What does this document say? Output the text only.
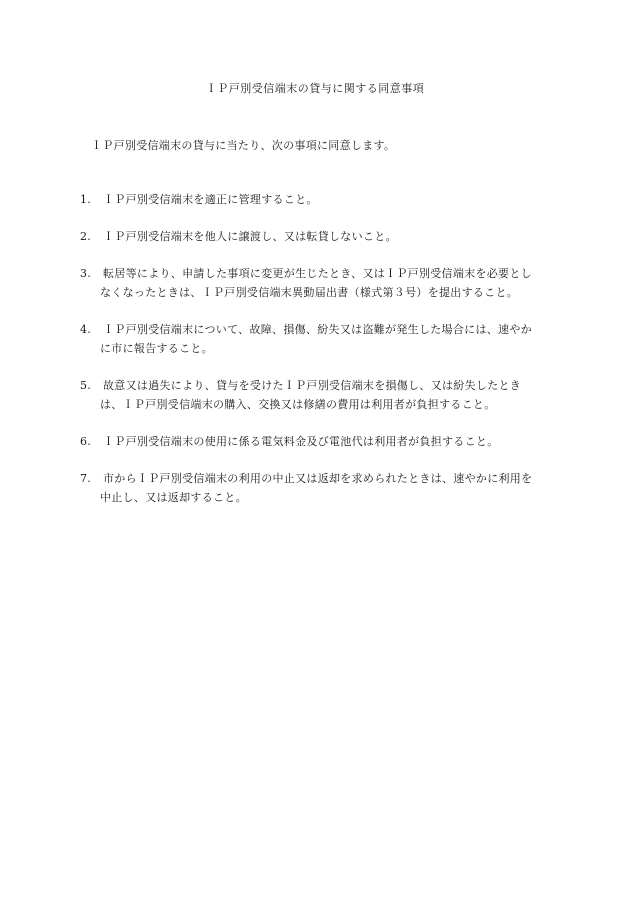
ＩＰ戸別受信端末の貸与に関する同意事項
ＩＰ戸別受信端末の貸与に当たり、次の事項に同意します。
1.	ＩＰ戸別受信端末を適正に管理すること。
2.	ＩＰ戸別受信端末を他人に譲渡し、又は転貸しないこと。
3.	転居等により、申請した事項に変更が生じたとき、又はＩＰ戸別受信端末を必要とし
なくなったときは、ＩＰ戸別受信端末異動届出書（様式第３号）を提出すること。
4.	ＩＰ戸別受信端末について、故障、損傷、紛失又は盗難が発生した場合には、速やか
に市に報告すること。
5.	故意又は過失により、貸与を受けたＩＰ戸別受信端末を損傷し、又は紛失したとき
は、ＩＰ戸別受信端末の購入、交換又は修繕の費用は利用者が負担すること。
6.	ＩＰ戸別受信端末の使用に係る電気料金及び電池代は利用者が負担すること。
7.	市からＩＰ戸別受信端末の利用の中止又は返却を求められたときは、速やかに利用を
中止し、又は返却すること。
